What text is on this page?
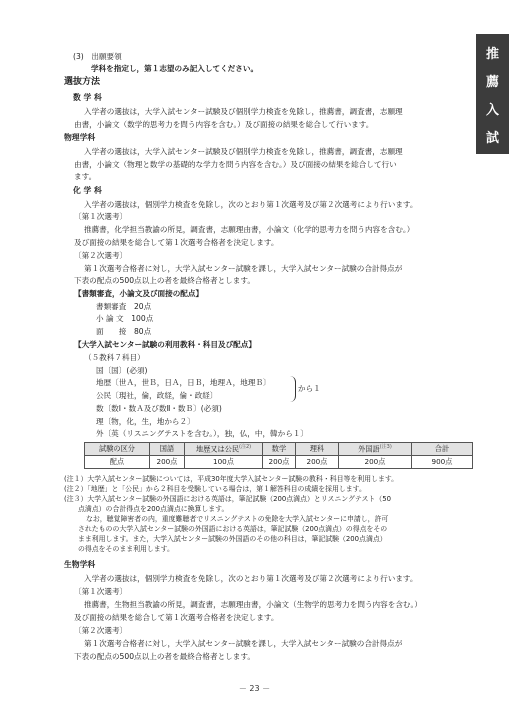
推
薦
入
試
(3)　出願要領
学科を指定し，第１志望のみ記入してください。
選抜方法
数 学 科
入学者の選抜は，大学入試センター試験及び個別学力検査を免除し，推薦書，調査書，志願理
由書，小論文（数学的思考力を問う内容を含む。）及び面接の結果を総合して行います。
物理学科
入学者の選抜は，大学入試センター試験及び個別学力検査を免除し，推薦書，調査書，志願理
由書，小論文（物理と数学の基礎的な学力を問う内容を含む。）及び面接の結果を総合して行い
ます。
化 学 科
入学者の選抜は，個別学力検査を免除し，次のとおり第１次選考及び第２次選考により行います。
〔第１次選考〕
推薦書，化学担当教諭の所見，調査書，志願理由書，小論文（化学的思考力を問う内容を含む。）
及び面接の結果を総合して第１次選考合格者を決定します。
〔第２次選考〕
第１次選考合格者に対し，大学入試センター試験を課し，大学入試センター試験の合計得点が
下表の配点の500点以上の者を最終合格者とします。
【書類審査，小論文及び面接の配点】
書類審査　20点
小 論 文　100点
面　　接　80点
【大学入試センター試験の利用教科・科目及び配点】
（５教科７科目）
国〔国〕(必須)
地歴〔世Ａ，世Ｂ，日Ａ，日Ｂ，地理Ａ，地理Ｂ〕
公民〔現社，倫，政経，倫・政経〕
から１
数〔数Ⅰ・数Ａ及び数Ⅱ・数Ｂ〕(必須)
理〔物，化，生，地から２〕
外〔英（リスニングテストを含む。），独，仏，中，韓から１〕
試験の区分	国語	地歴又は公民$^{(注2)}$	数学	理科	外国語$^{(注3)}$	合計
配点	200点	100点	200点	200点	200点	900点
(注１）大学入試センター試験については，平成30年度大学入試センター試験の教科・科目等を利用します。
(注２）「地歴」と「公民」から２科目を受験している場合は，第１解答科目の成績を採用します。
(注３）大学入試センター試験の外国語における英語は，筆記試験（200点満点）とリスニングテスト（50
点満点）の合計得点を200点満点に換算します。
なお，聴覚障害者の内，重度難聴者でリスニングテストの免除を大学入試センターに申請し，許可
されたものの大学入試センター試験の外国語における英語は，筆記試験（200点満点）の得点をその
まま利用します。また，大学入試センター試験の外国語のその他の科目は，筆記試験（200点満点）
の得点をそのまま利用します。
生物学科
入学者の選抜は，個別学力検査を免除し，次のとおり第１次選考及び第２次選考により行います。
〔第１次選考〕
推薦書，生物担当教諭の所見，調査書，志願理由書，小論文（生物学的思考力を問う内容を含む。）
及び面接の結果を総合して第１次選考合格者を決定します。
〔第２次選考〕
第１次選考合格者に対し，大学入試センター試験を課し，大学入試センター試験の合計得点が
下表の配点の500点以上の者を最終合格者とします。
－ 23 －
